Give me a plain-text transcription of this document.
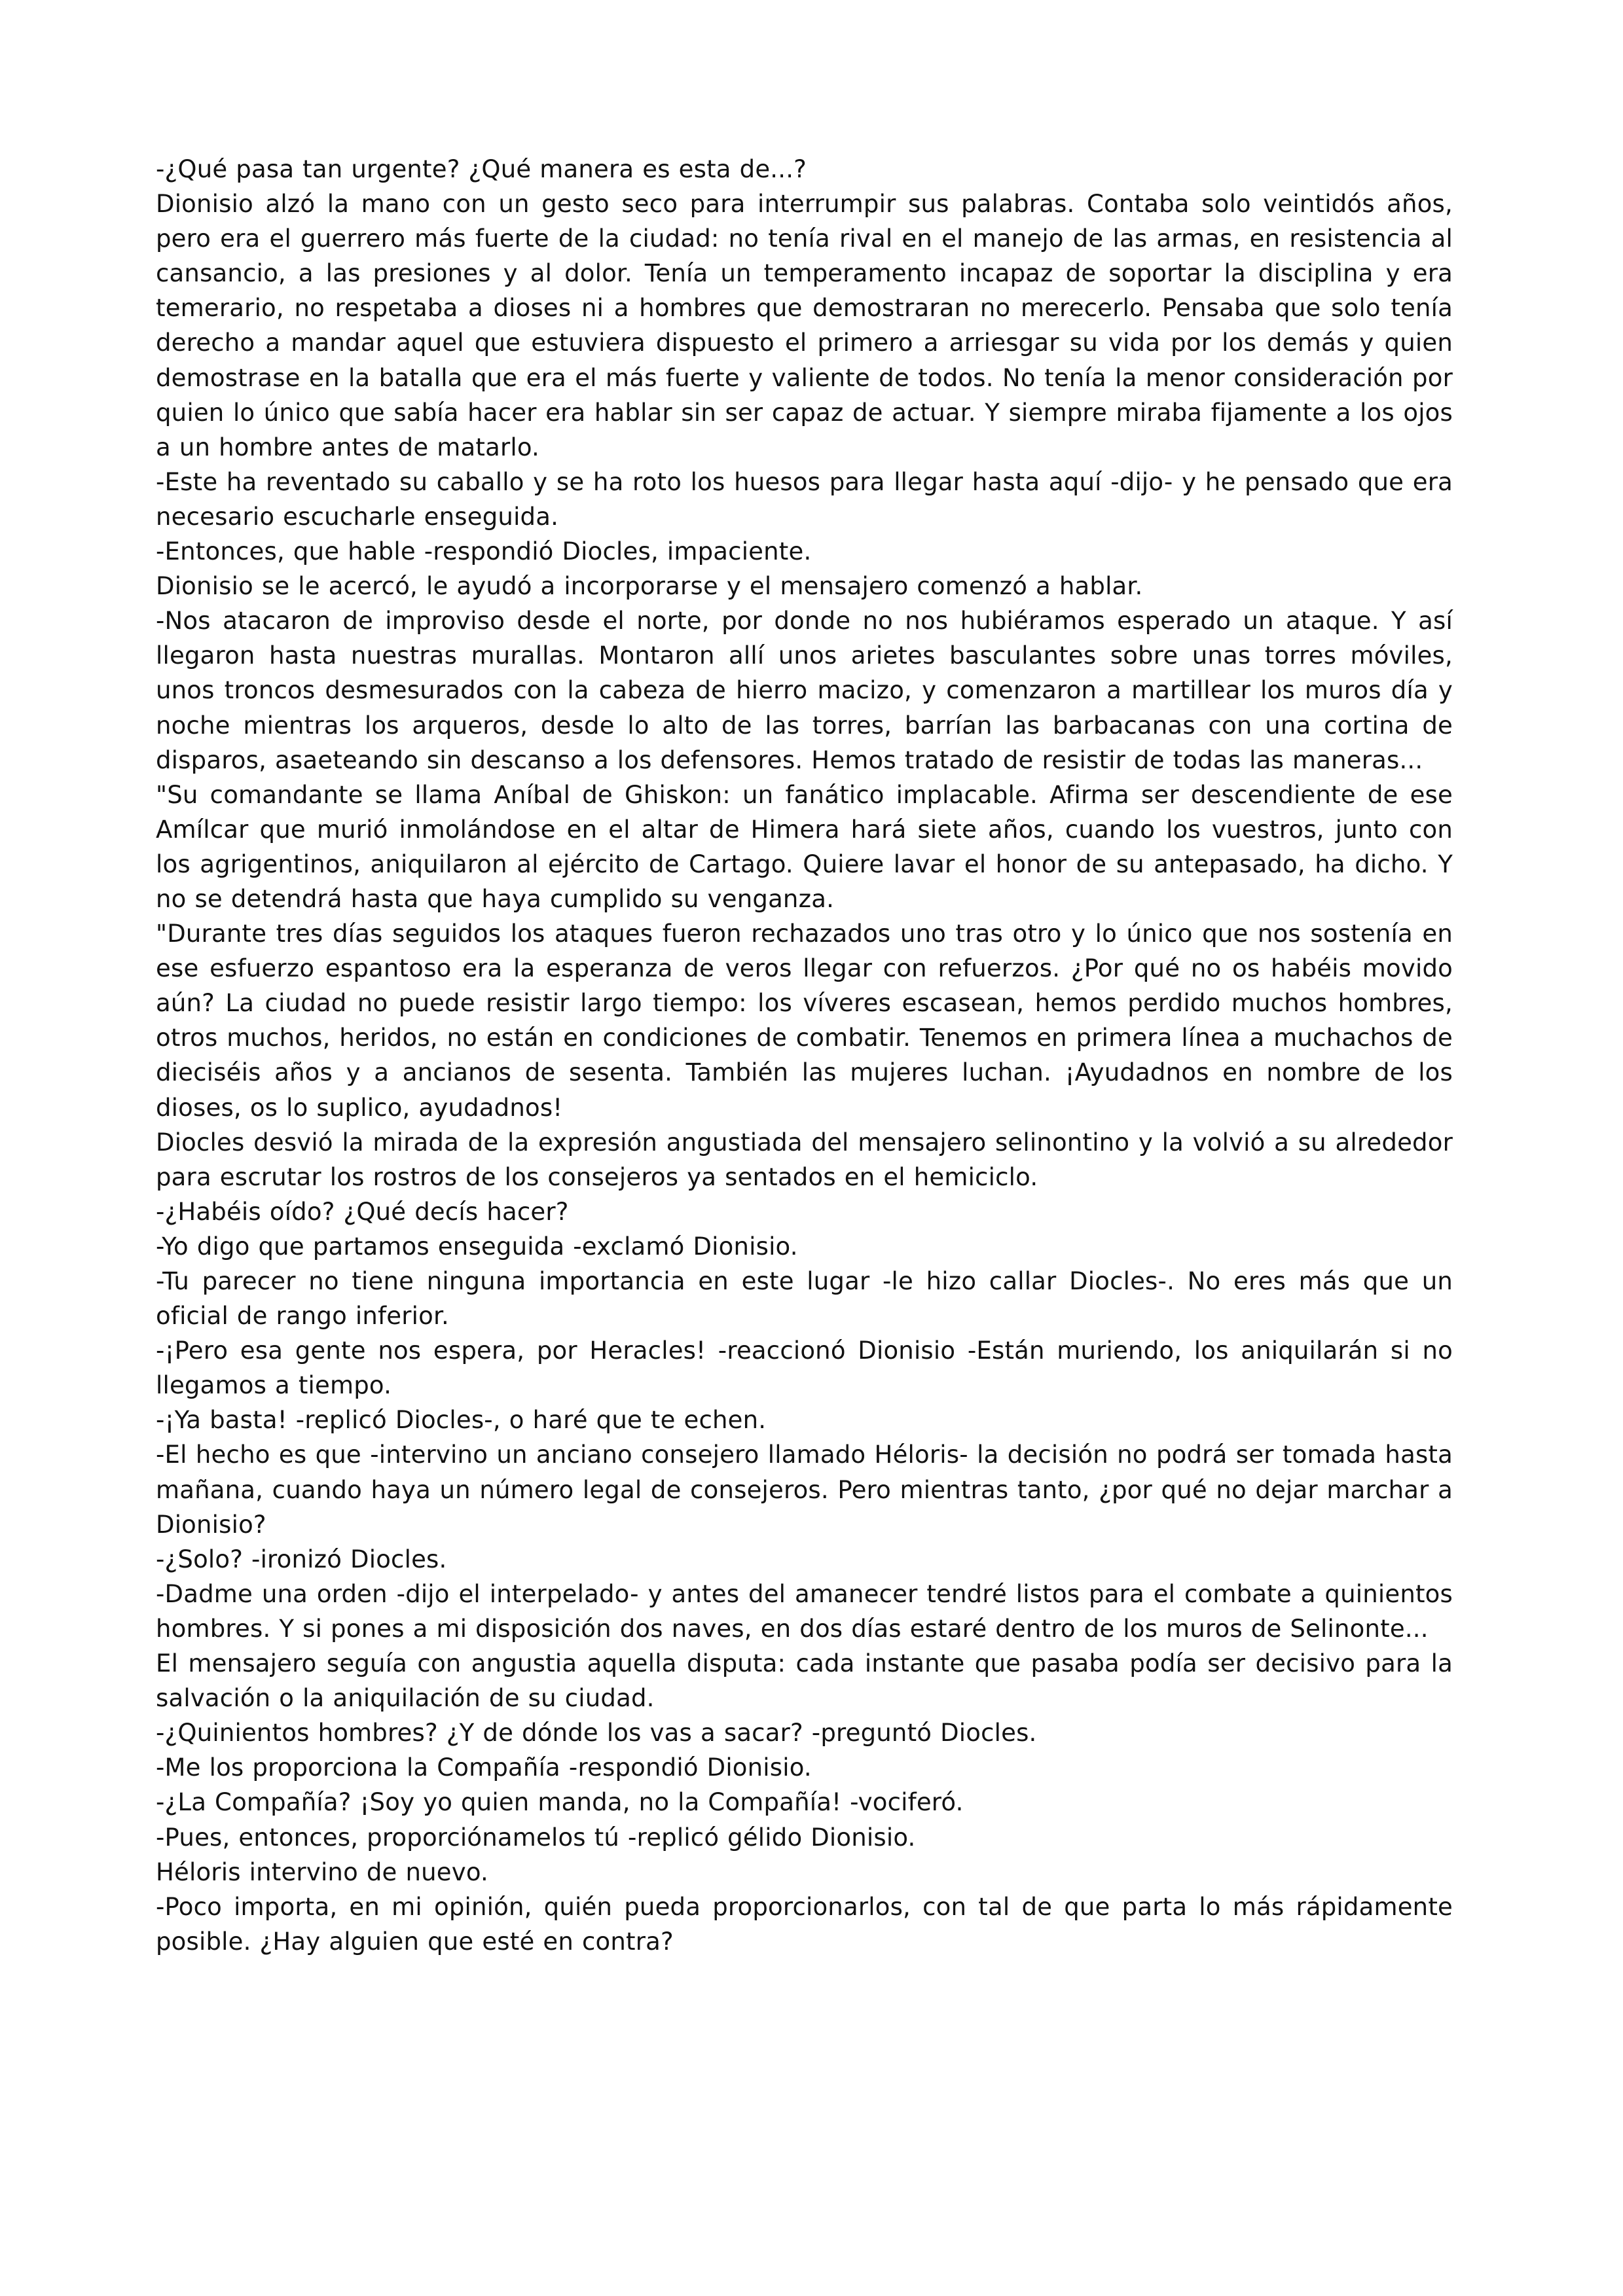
-¿Qué pasa tan urgente? ¿Qué manera es esta de...?

Dionisio alzó la mano con un gesto seco para interrumpir sus palabras. Contaba solo veintidós años, pero era el guerrero más fuerte de la ciudad: no tenía rival en el manejo de las armas, en resistencia al cansancio, a las presiones y al dolor. Tenía un temperamento incapaz de soportar la disciplina y era temerario, no respetaba a dioses ni a hombres que demostraran no merecerlo. Pensaba que solo tenía derecho a mandar aquel que estuviera dispuesto el primero a arriesgar su vida por los demás y quien demostrase en la batalla que era el más fuerte y valiente de todos. No tenía la menor consideración por quien lo único que sabía hacer era hablar sin ser capaz de actuar. Y siempre miraba fijamente a los ojos a un hombre antes de matarlo.

-Este ha reventado su caballo y se ha roto los huesos para llegar hasta aquí -dijo- y he pensado que era necesario escucharle enseguida.

-Entonces, que hable -respondió Diocles, impaciente.

Dionisio se le acercó, le ayudó a incorporarse y el mensajero comenzó a hablar.

-Nos atacaron de improviso desde el norte, por donde no nos hubiéramos esperado un ataque. Y así llegaron hasta nuestras murallas. Montaron allí unos arietes basculantes sobre unas torres móviles, unos troncos desmesurados con la cabeza de hierro macizo, y comenzaron a martillear los muros día y noche mientras los arqueros, desde lo alto de las torres, barrían las barbacanas con una cortina de disparos, asaeteando sin descanso a los defensores. Hemos tratado de resistir de todas las maneras...

"Su comandante se llama Aníbal de Ghiskon: un fanático implacable. Afirma ser descendiente de ese Amílcar que murió inmolándose en el altar de Himera hará siete años, cuando los vuestros, junto con los agrigentinos, aniquilaron al ejército de Cartago. Quiere lavar el honor de su antepasado, ha dicho. Y no se detendrá hasta que haya cumplido su venganza.

"Durante tres días seguidos los ataques fueron rechazados uno tras otro y lo único que nos sostenía en ese esfuerzo espantoso era la esperanza de veros llegar con refuerzos. ¿Por qué no os habéis movido aún? La ciudad no puede resistir largo tiempo: los víveres escasean, hemos perdido muchos hombres, otros muchos, heridos, no están en condiciones de combatir. Tenemos en primera línea a muchachos de dieciséis años y a ancianos de sesenta. También las mujeres luchan. ¡Ayudadnos en nombre de los dioses, os lo suplico, ayudadnos!

Diocles desvió la mirada de la expresión angustiada del mensajero selinontino y la volvió a su alrededor para escrutar los rostros de los consejeros ya sentados en el hemiciclo.

-¿Habéis oído? ¿Qué decís hacer?

-Yo digo que partamos enseguida -exclamó Dionisio.

-Tu parecer no tiene ninguna importancia en este lugar -le hizo callar Diocles-. No eres más que un oficial de rango inferior.

-¡Pero esa gente nos espera, por Heracles! -reaccionó Dionisio -Están muriendo, los aniquilarán si no llegamos a tiempo.

-¡Ya basta! -replicó Diocles-, o haré que te echen.

-El hecho es que -intervino un anciano consejero llamado Héloris- la decisión no podrá ser tomada hasta mañana, cuando haya un número legal de consejeros. Pero mientras tanto, ¿por qué no dejar marchar a Dionisio?

-¿Solo? -ironizó Diocles.

-Dadme una orden -dijo el interpelado- y antes del amanecer tendré listos para el combate a quinientos hombres. Y si pones a mi disposición dos naves, en dos días estaré dentro de los muros de Selinonte...

El mensajero seguía con angustia aquella disputa: cada instante que pasaba podía ser decisivo para la salvación o la aniquilación de su ciudad.

-¿Quinientos hombres? ¿Y de dónde los vas a sacar? -preguntó Diocles.

-Me los proporciona la Compañía -respondió Dionisio.

-¿La Compañía? ¡Soy yo quien manda, no la Compañía! -vociferó.

-Pues, entonces, proporciónamelos tú -replicó gélido Dionisio.

Héloris intervino de nuevo.

-Poco importa, en mi opinión, quién pueda proporcionarlos, con tal de que parta lo más rápidamente posible. ¿Hay alguien que esté en contra?
